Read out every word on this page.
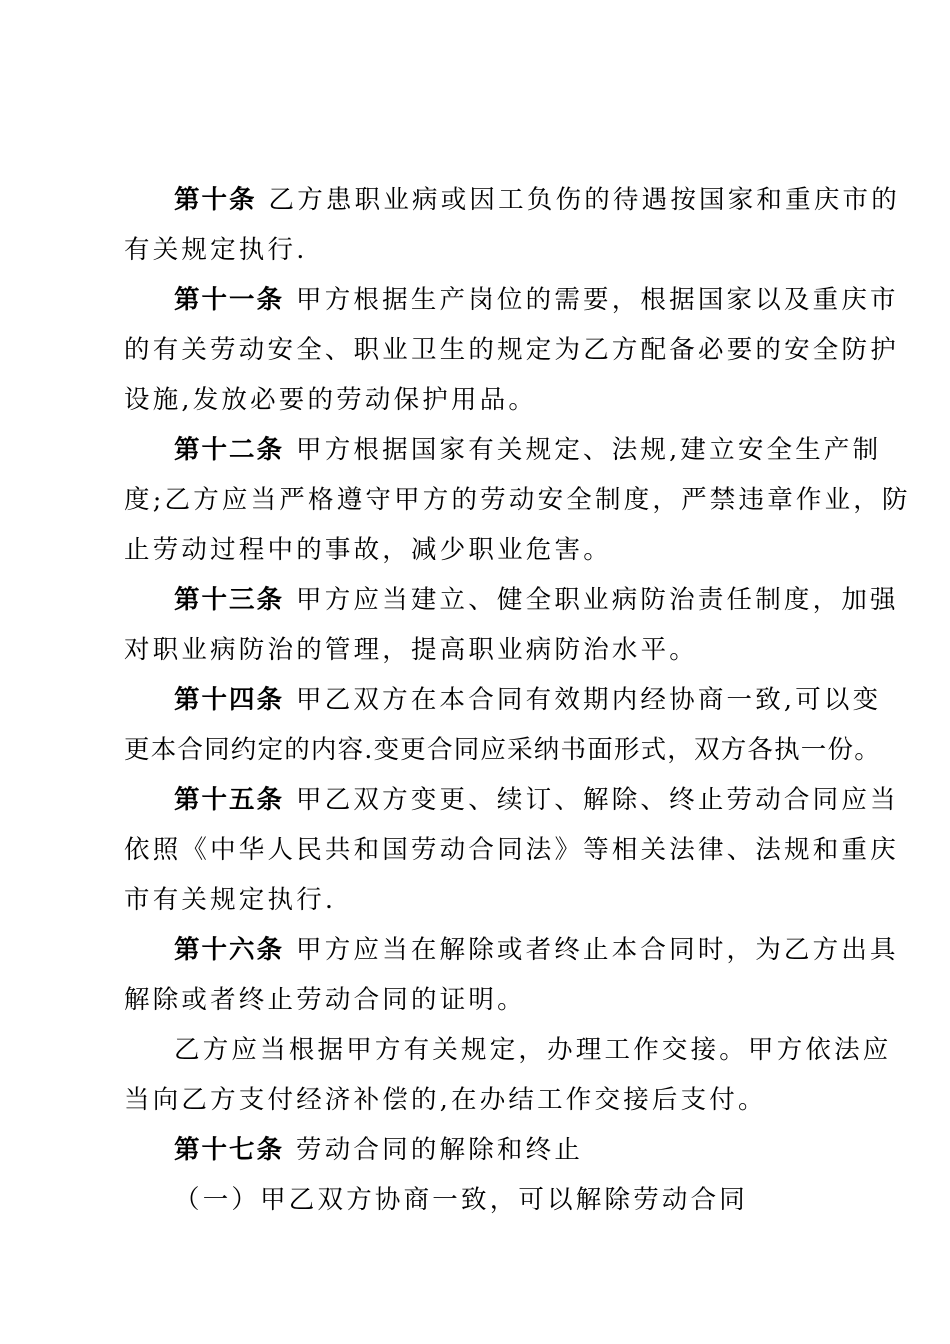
第十条 乙方患职业病或因工负伤的待遇按国家和重庆市的
有关规定执行.
第十一条 甲方根据生产岗位的需要，根据国家以及重庆市
的有关劳动安全、职业卫生的规定为乙方配备必要的安全防护
设施,发放必要的劳动保护用品。
第十二条 甲方根据国家有关规定、法规,建立安全生产制
度;乙方应当严格遵守甲方的劳动安全制度，严禁违章作业，防
止劳动过程中的事故，减少职业危害。
第十三条 甲方应当建立、健全职业病防治责任制度，加强
对职业病防治的管理，提高职业病防治水平。
第十四条 甲乙双方在本合同有效期内经协商一致,可以变
更本合同约定的内容.变更合同应采纳书面形式，双方各执一份。
第十五条 甲乙双方变更、续订、解除、终止劳动合同应当
依照《中华人民共和国劳动合同法》等相关法律、法规和重庆
市有关规定执行.
第十六条 甲方应当在解除或者终止本合同时，为乙方出具
解除或者终止劳动合同的证明。
乙方应当根据甲方有关规定，办理工作交接。甲方依法应
当向乙方支付经济补偿的,在办结工作交接后支付。
第十七条 劳动合同的解除和终止
（一）甲乙双方协商一致，可以解除劳动合同
